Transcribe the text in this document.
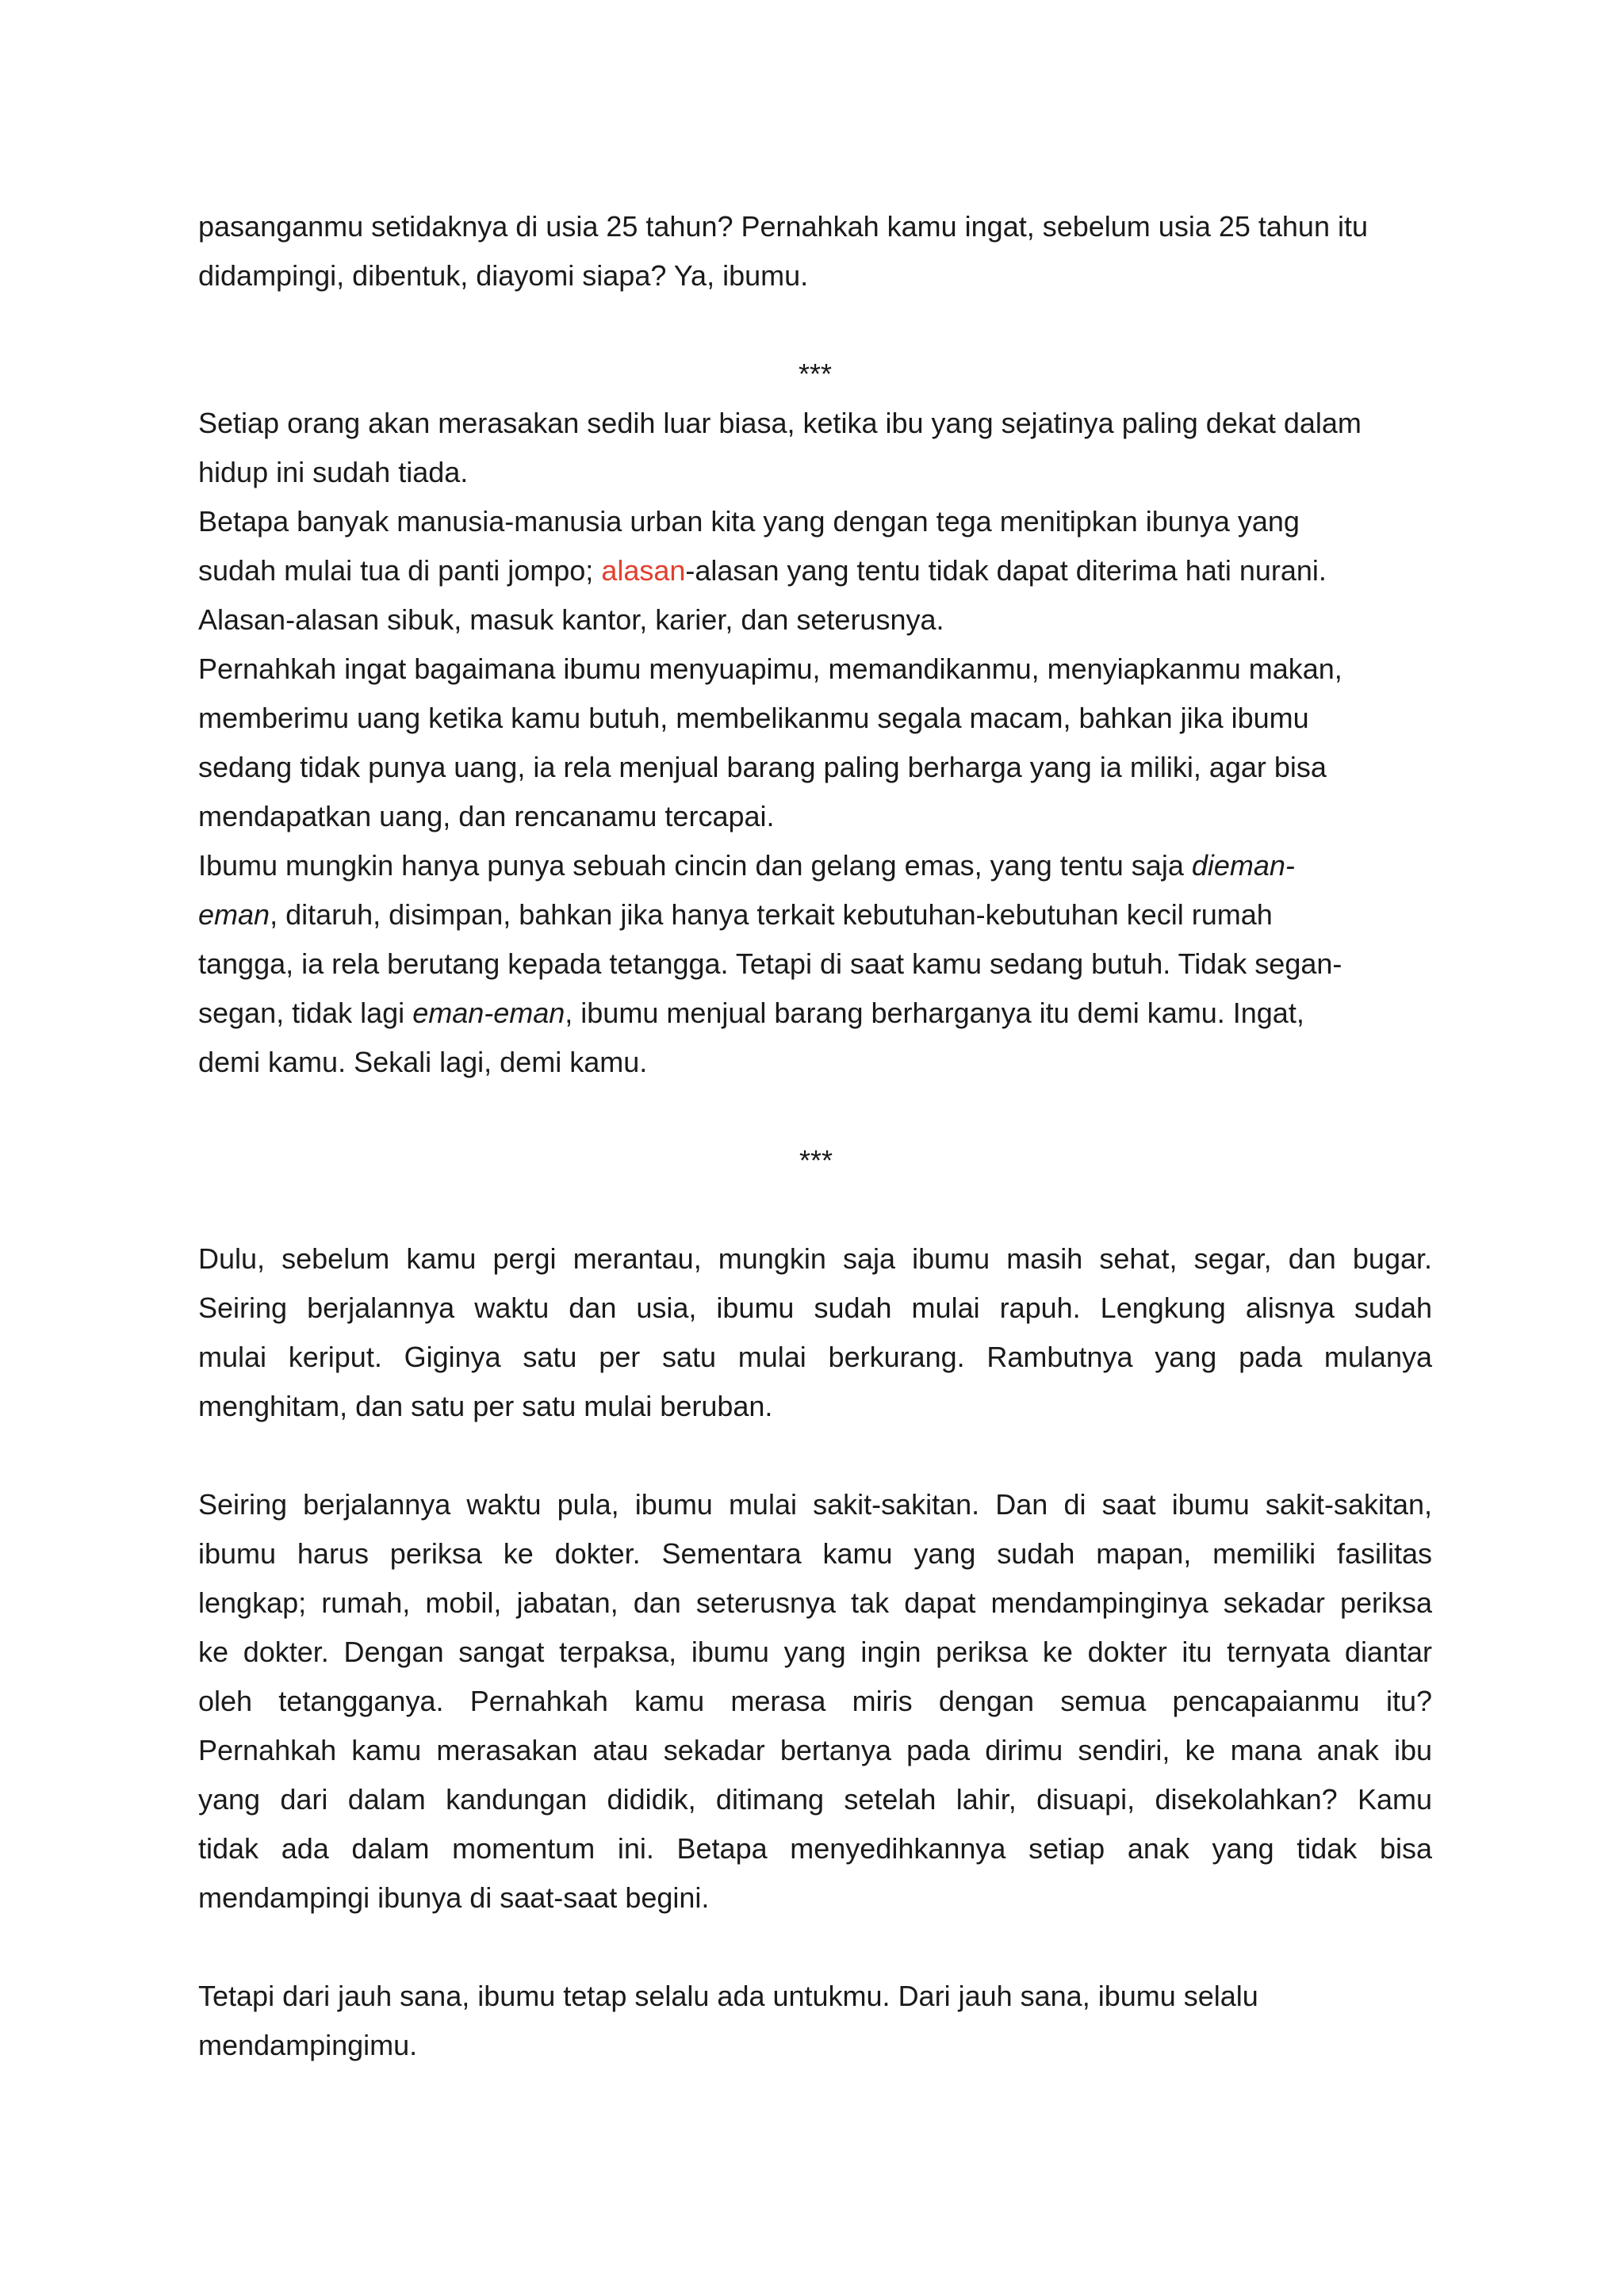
pasanganmu setidaknya di usia 25 tahun? Pernahkah kamu ingat, sebelum usia 25 tahun itu
didampingi, dibentuk, diayomi siapa? Ya, ibumu.
***
Setiap orang akan merasakan sedih luar biasa, ketika ibu yang sejatinya paling dekat dalam
hidup ini sudah tiada.
Betapa banyak manusia-manusia urban kita yang dengan tega menitipkan ibunya yang
sudah mulai tua di panti jompo; alasan-alasan yang tentu tidak dapat diterima hati nurani.
Alasan-alasan sibuk, masuk kantor, karier, dan seterusnya.
Pernahkah ingat bagaimana ibumu menyuapimu, memandikanmu, menyiapkanmu makan,
memberimu uang ketika kamu butuh, membelikanmu segala macam, bahkan jika ibumu
sedang tidak punya uang, ia rela menjual barang paling berharga yang ia miliki, agar bisa
mendapatkan uang, dan rencanamu tercapai.
Ibumu mungkin hanya punya sebuah cincin dan gelang emas, yang tentu saja dieman-
eman, ditaruh, disimpan, bahkan jika hanya terkait kebutuhan-kebutuhan kecil rumah
tangga, ia rela berutang kepada tetangga. Tetapi di saat kamu sedang butuh. Tidak segan-
segan, tidak lagi eman-eman, ibumu menjual barang berharganya itu demi kamu. Ingat,
demi kamu. Sekali lagi, demi kamu.
***
Dulu, sebelum kamu pergi merantau, mungkin saja ibumu masih sehat, segar, dan bugar.
Seiring berjalannya waktu dan usia, ibumu sudah mulai rapuh. Lengkung alisnya sudah
mulai keriput. Giginya satu per satu mulai berkurang. Rambutnya yang pada mulanya
menghitam, dan satu per satu mulai beruban.
Seiring berjalannya waktu pula, ibumu mulai sakit-sakitan. Dan di saat ibumu sakit-sakitan,
ibumu harus periksa ke dokter. Sementara kamu yang sudah mapan, memiliki fasilitas
lengkap; rumah, mobil, jabatan, dan seterusnya tak dapat mendampinginya sekadar periksa
ke dokter. Dengan sangat terpaksa, ibumu yang ingin periksa ke dokter itu ternyata diantar
oleh tetangganya. Pernahkah kamu merasa miris dengan semua pencapaianmu itu?
Pernahkah kamu merasakan atau sekadar bertanya pada dirimu sendiri, ke mana anak ibu
yang dari dalam kandungan dididik, ditimang setelah lahir, disuapi, disekolahkan? Kamu
tidak ada dalam momentum ini. Betapa menyedihkannya setiap anak yang tidak bisa
mendampingi ibunya di saat-saat begini.
Tetapi dari jauh sana, ibumu tetap selalu ada untukmu. Dari jauh sana, ibumu selalu
mendampingimu.
